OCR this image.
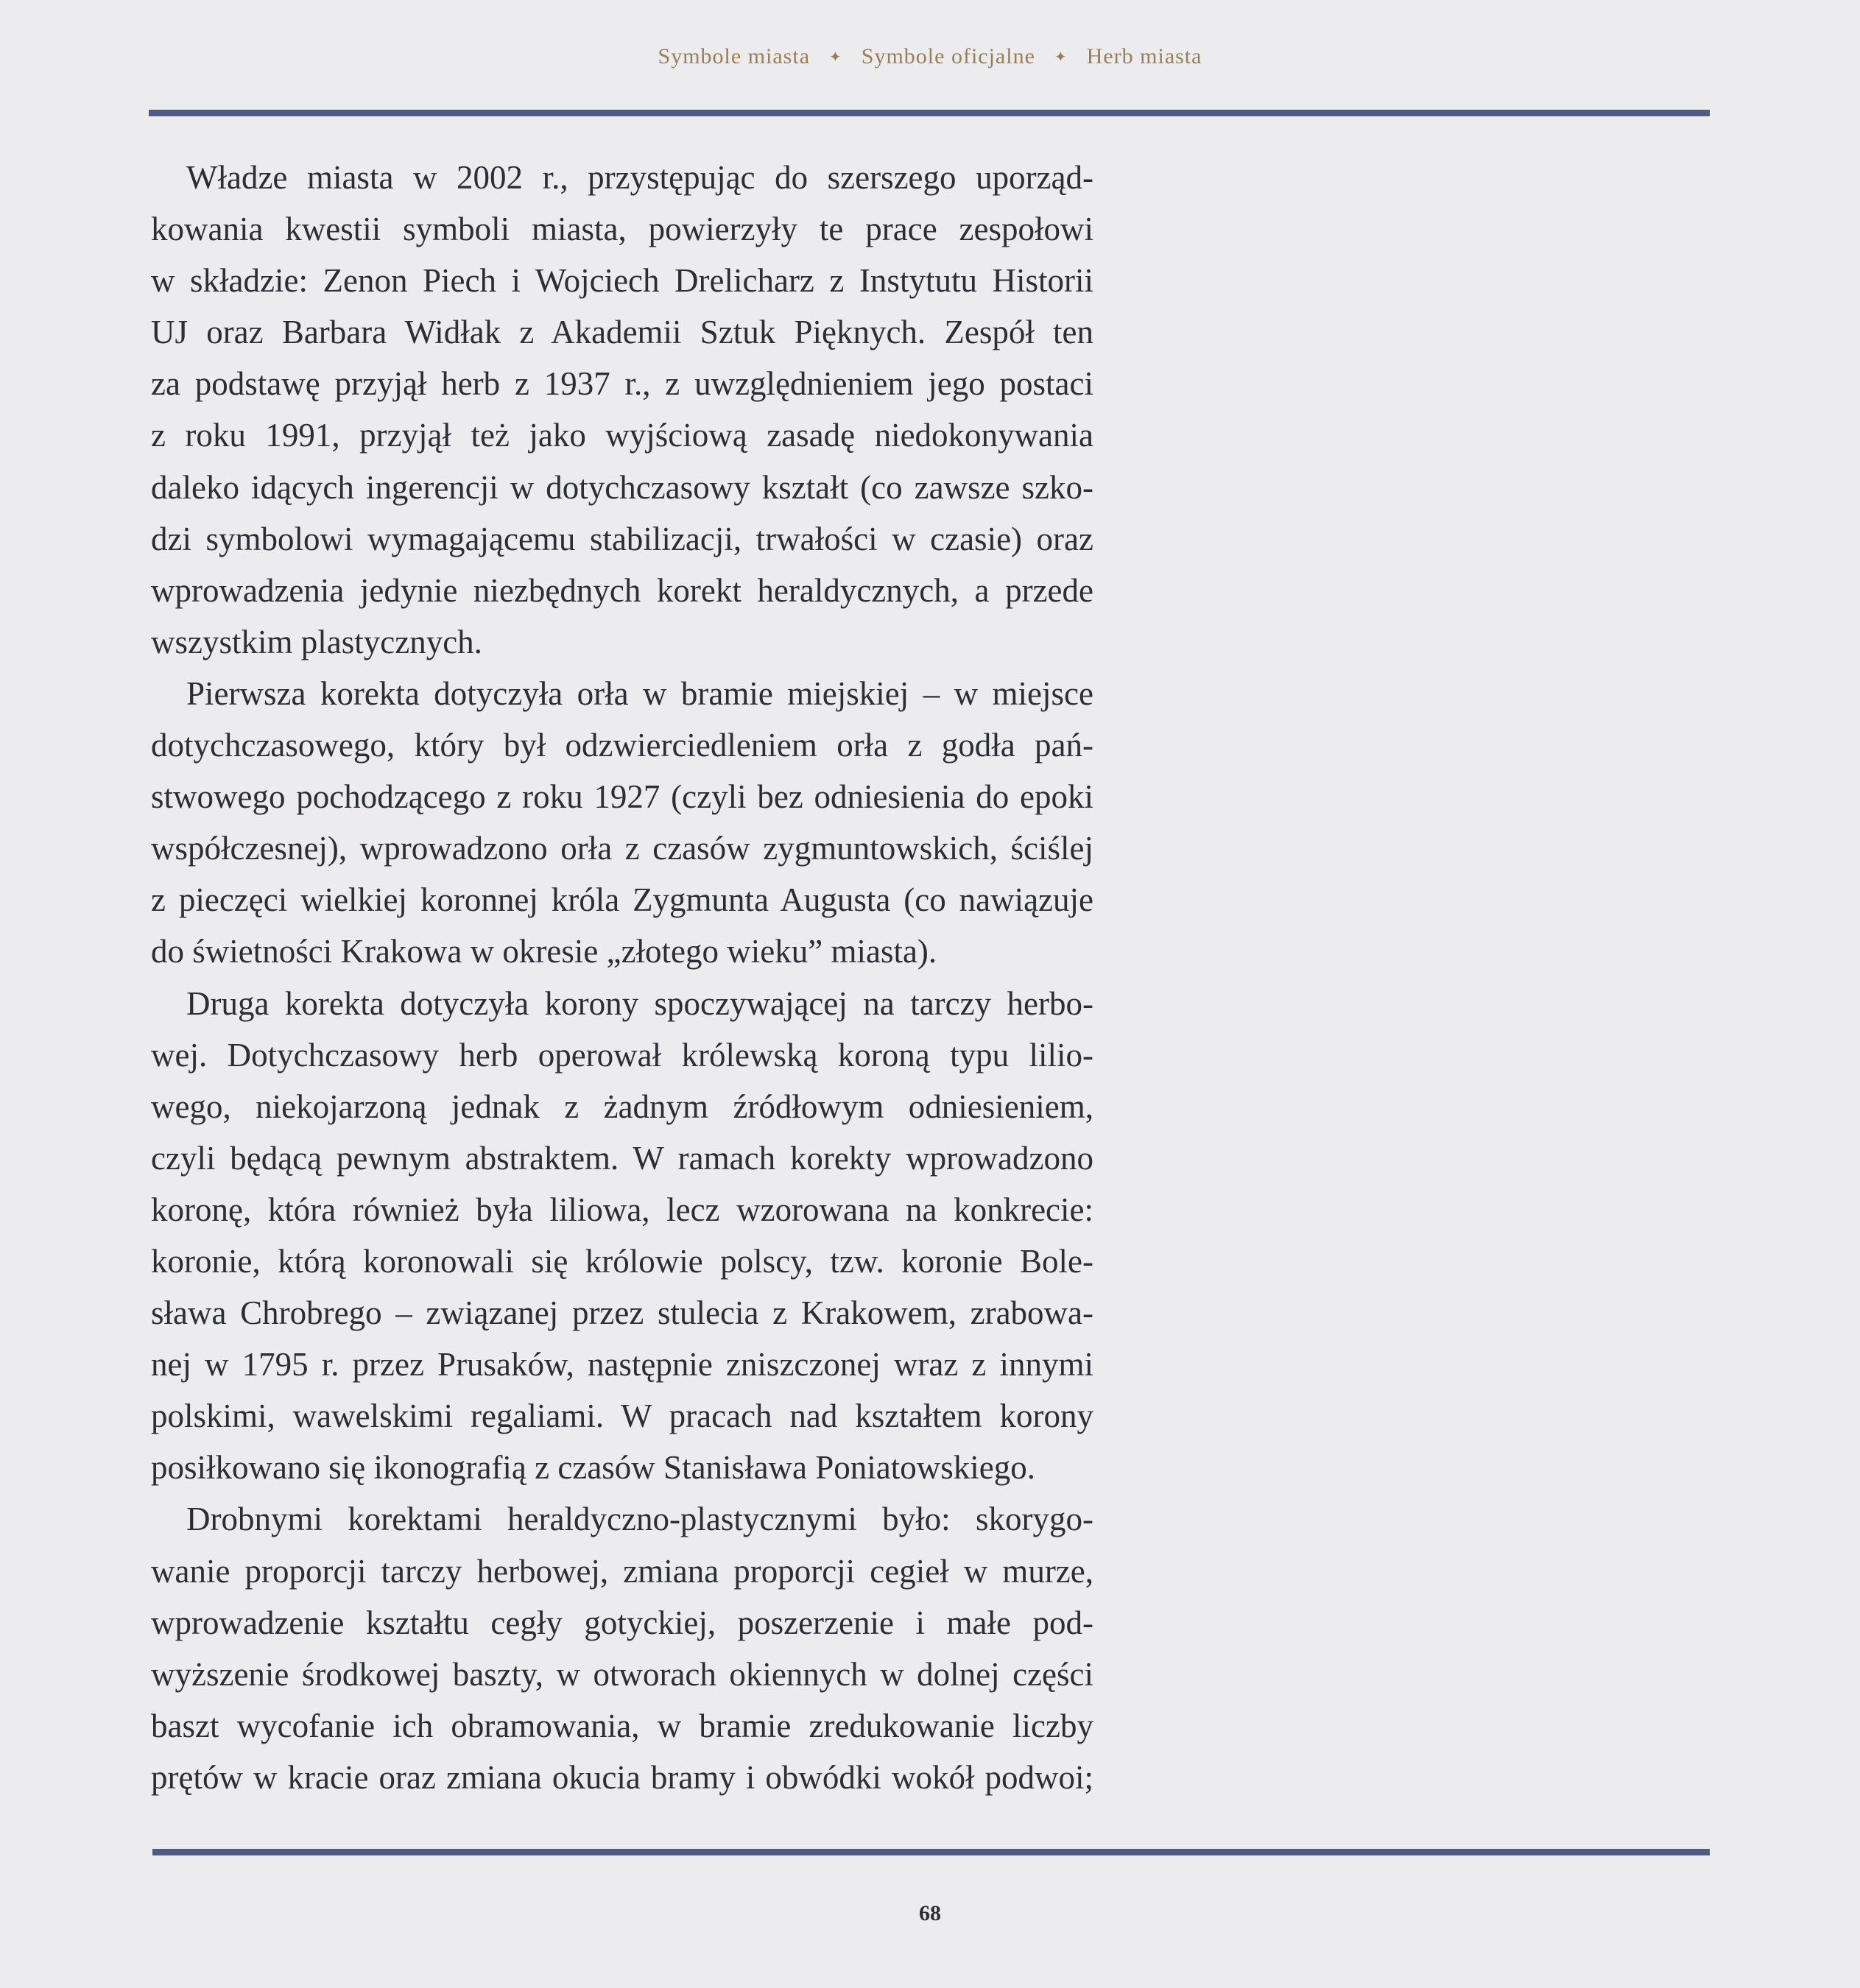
Symbole miasta ✦ Symbole oficjalne ✦ Herb miasta
Władze miasta w 2002 r., przystępując do szerszego uporząd-
kowania kwestii symboli miasta, powierzyły te prace zespołowi
w składzie: Zenon Piech i Wojciech Drelicharz z Instytutu Historii
UJ oraz Barbara Widłak z Akademii Sztuk Pięknych. Zespół ten
za podstawę przyjął herb z 1937 r., z uwzględnieniem jego postaci
z roku 1991, przyjął też jako wyjściową zasadę niedokonywania
daleko idących ingerencji w dotychczasowy kształt (co zawsze szko-
dzi symbolowi wymagającemu stabilizacji, trwałości w czasie) oraz
wprowadzenia jedynie niezbędnych korekt heraldycznych, a przede
wszystkim plastycznych.
Pierwsza korekta dotyczyła orła w bramie miejskiej – w miejsce
dotychczasowego, który był odzwierciedleniem orła z godła pań-
stwowego pochodzącego z roku 1927 (czyli bez odniesienia do epoki
współczesnej), wprowadzono orła z czasów zygmuntowskich, ściślej
z pieczęci wielkiej koronnej króla Zygmunta Augusta (co nawiązuje
do świetności Krakowa w okresie „złotego wieku” miasta).
Druga korekta dotyczyła korony spoczywającej na tarczy herbo-
wej. Dotychczasowy herb operował królewską koroną typu lilio-
wego, niekojarzoną jednak z żadnym źródłowym odniesieniem,
czyli będącą pewnym abstraktem. W ramach korekty wprowadzono
koronę, która również była liliowa, lecz wzorowana na konkrecie:
koronie, którą koronowali się królowie polscy, tzw. koronie Bole-
sława Chrobrego – związanej przez stulecia z Krakowem, zrabowa-
nej w 1795 r. przez Prusaków, następnie zniszczonej wraz z innymi
polskimi, wawelskimi regaliami. W pracach nad kształtem korony
posiłkowano się ikonografią z czasów Stanisława Poniatowskiego.
Drobnymi korektami heraldyczno-plastycznymi było: skorygo-
wanie proporcji tarczy herbowej, zmiana proporcji cegieł w murze,
wprowadzenie kształtu cegły gotyckiej, poszerzenie i małe pod-
wyższenie środkowej baszty, w otworach okiennych w dolnej części
baszt wycofanie ich obramowania, w bramie zredukowanie liczby
prętów w kracie oraz zmiana okucia bramy i obwódki wokół podwoi;
68
